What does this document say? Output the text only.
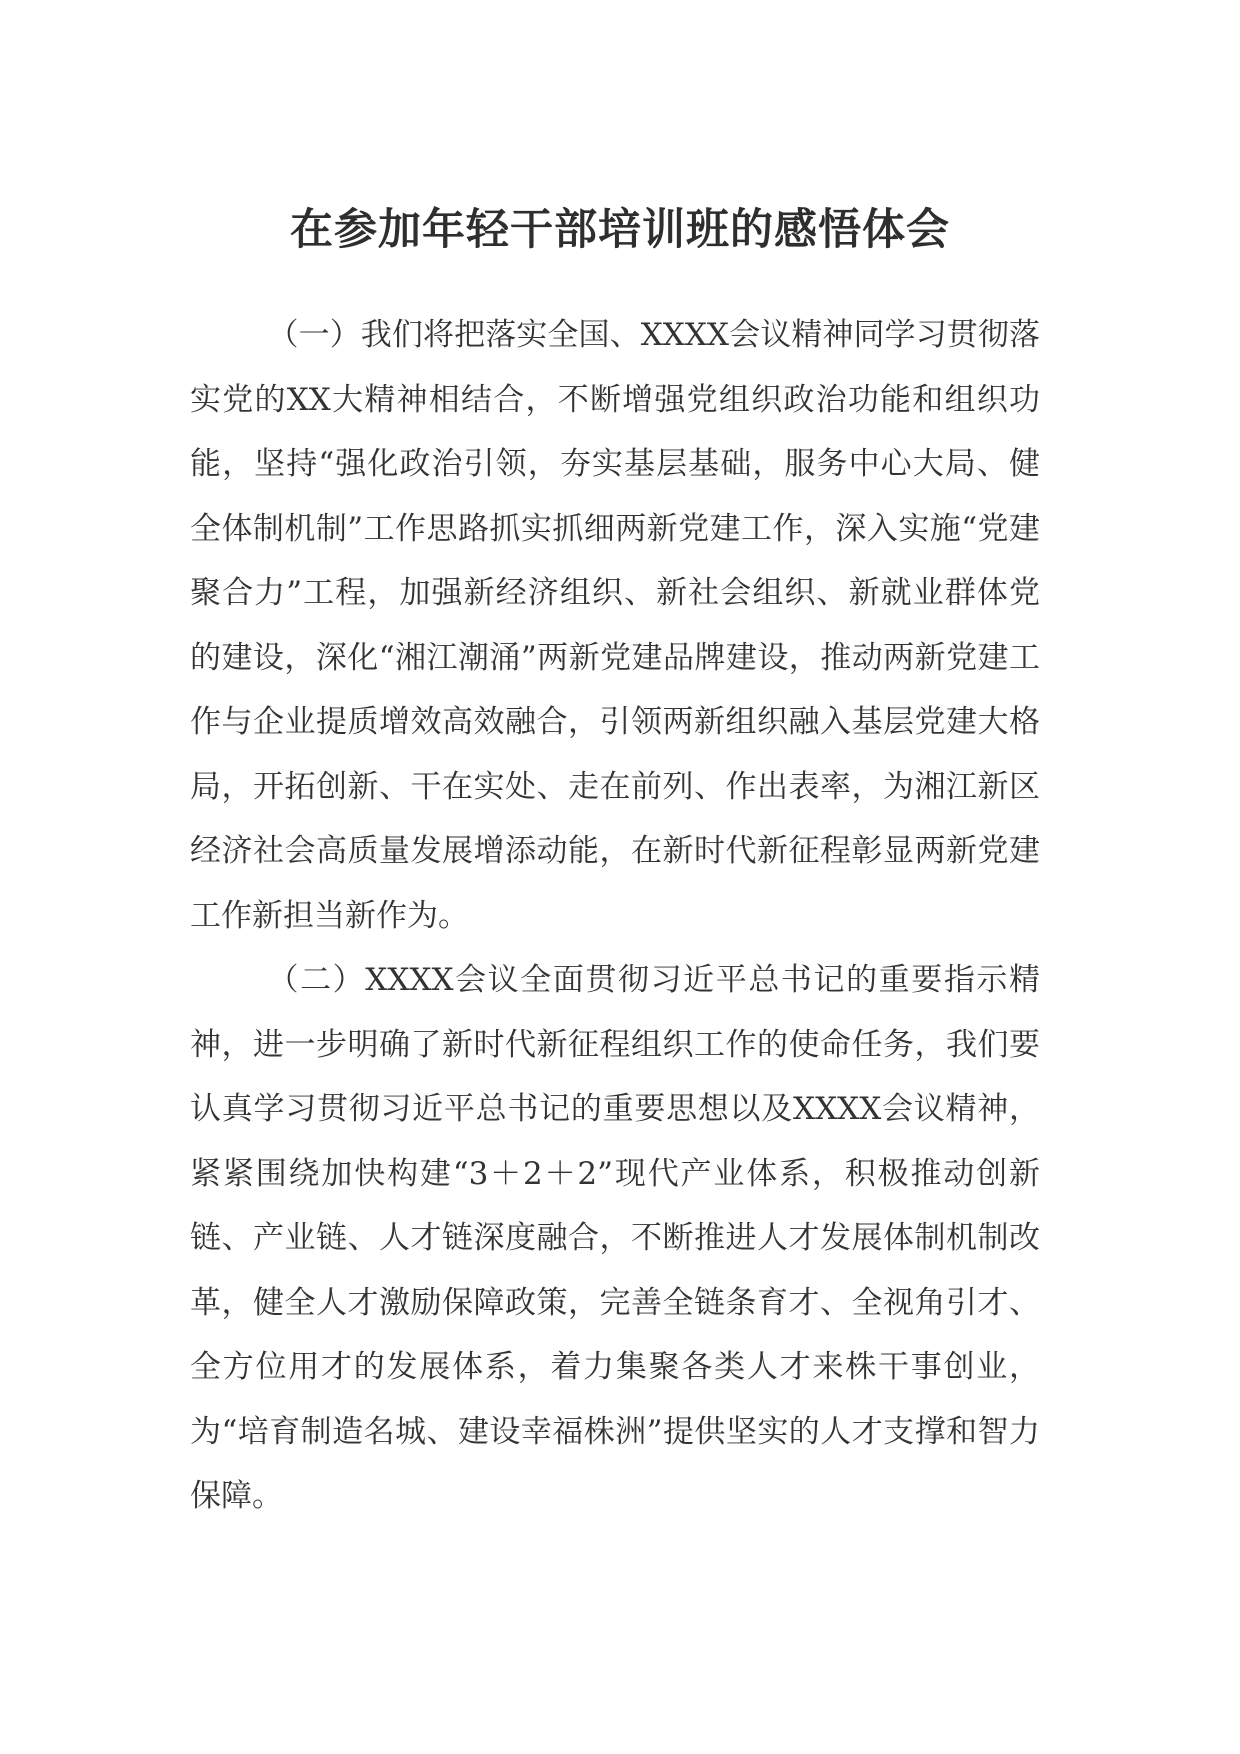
在参加年轻干部培训班的感悟体会

（一）我们将把落实全国、XXXX会议精神同学习贯彻落实党的XX大精神相结合，不断增强党组织政治功能和组织功能，坚持“强化政治引领，夯实基层基础，服务中心大局、健全体制机制”工作思路抓实抓细两新党建工作，深入实施“党建聚合力”工程，加强新经济组织、新社会组织、新就业群体党的建设，深化“湘江潮涌”两新党建品牌建设，推动两新党建工作与企业提质增效高效融合，引领两新组织融入基层党建大格局，开拓创新、干在实处、走在前列、作出表率，为湘江新区经济社会高质量发展增添动能，在新时代新征程彰显两新党建工作新担当新作为。

（二）XXXX会议全面贯彻习近平总书记的重要指示精神，进一步明确了新时代新征程组织工作的使命任务，我们要认真学习贯彻习近平总书记的重要思想以及XXXX会议精神，紧紧围绕加快构建“3＋2＋2”现代产业体系，积极推动创新链、产业链、人才链深度融合，不断推进人才发展体制机制改革，健全人才激励保障政策，完善全链条育才、全视角引才、全方位用才的发展体系，着力集聚各类人才来株干事创业，为“培育制造名城、建设幸福株洲”提供坚实的人才支撑和智力保障。
